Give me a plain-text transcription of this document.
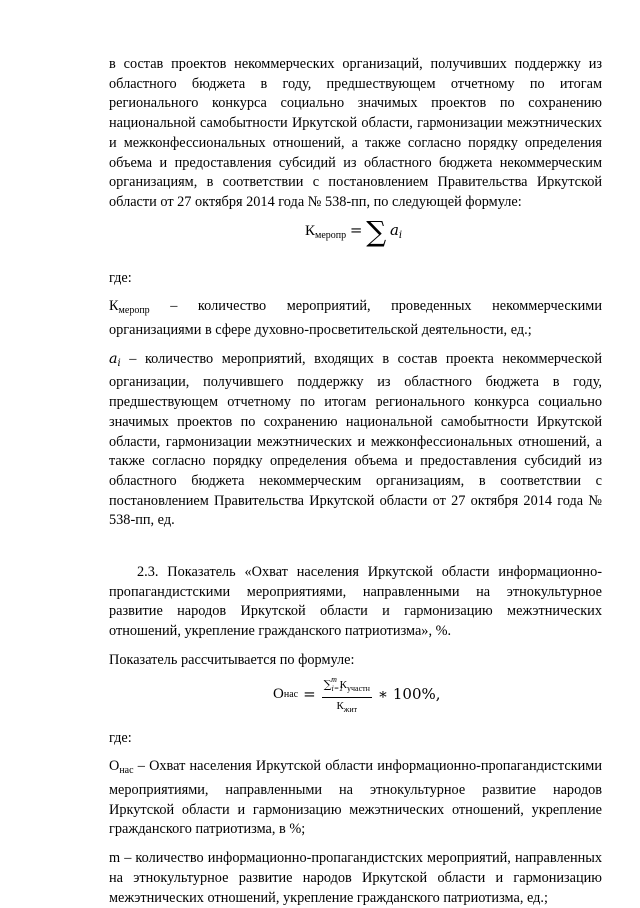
в состав проектов некоммерческих организаций, получивших поддержку из областного бюджета в году, предшествующем отчетному по итогам регионального конкурса социально значимых проектов по сохранению национальной самобытности Иркутской области, гармонизации межэтнических и межконфессиональных отношений, а также согласно порядку определения объема и предоставления субсидий из областного бюджета некоммерческим организациям, в соответствии с постановлением Правительства Иркутской области от 27 октября 2014 года № 538-пп, по следующей формуле:

$К_{меропр}$ = ∑ $a_i$

где:

$К_{меропр}$ – количество мероприятий, проведенных некоммерческими организациями в сфере духовно-просветительской деятельности, ед.;

$a_i$ – количество мероприятий, входящих в состав проекта некоммерческой организации, получившего поддержку из областного бюджета в году, предшествующем отчетному по итогам регионального конкурса социально значимых проектов по сохранению национальной самобытности Иркутской области, гармонизации межэтнических и межконфессиональных отношений, а также согласно порядку определения объема и предоставления субсидий из областного бюджета некоммерческим организациям, в соответствии с постановлением Правительства Иркутской области от 27 октября 2014 года № 538-пп, ед.

2.3. Показатель «Охват населения Иркутской области информационно-пропагандистскими мероприятиями, направленными на этнокультурное развитие народов Иркутской области и гармонизацию межэтнических отношений, укрепление гражданского патриотизма», %.

Показатель рассчитывается по формуле:

О нас = $\frac{\sum_{i=1}^m К_{участн}}{К_{жит}}$ ∗ 100%,

где:

$О_{нас}$ – Охват населения Иркутской области информационно-пропагандистскими мероприятиями, направленными на этнокультурное развитие народов Иркутской области и гармонизацию межэтнических отношений, укрепление гражданского патриотизма, в %;

m – количество информационно-пропагандистских мероприятий, направленных на этнокультурное развитие народов Иркутской области и гармонизацию межэтнических отношений, укрепление гражданского патриотизма, ед.;
